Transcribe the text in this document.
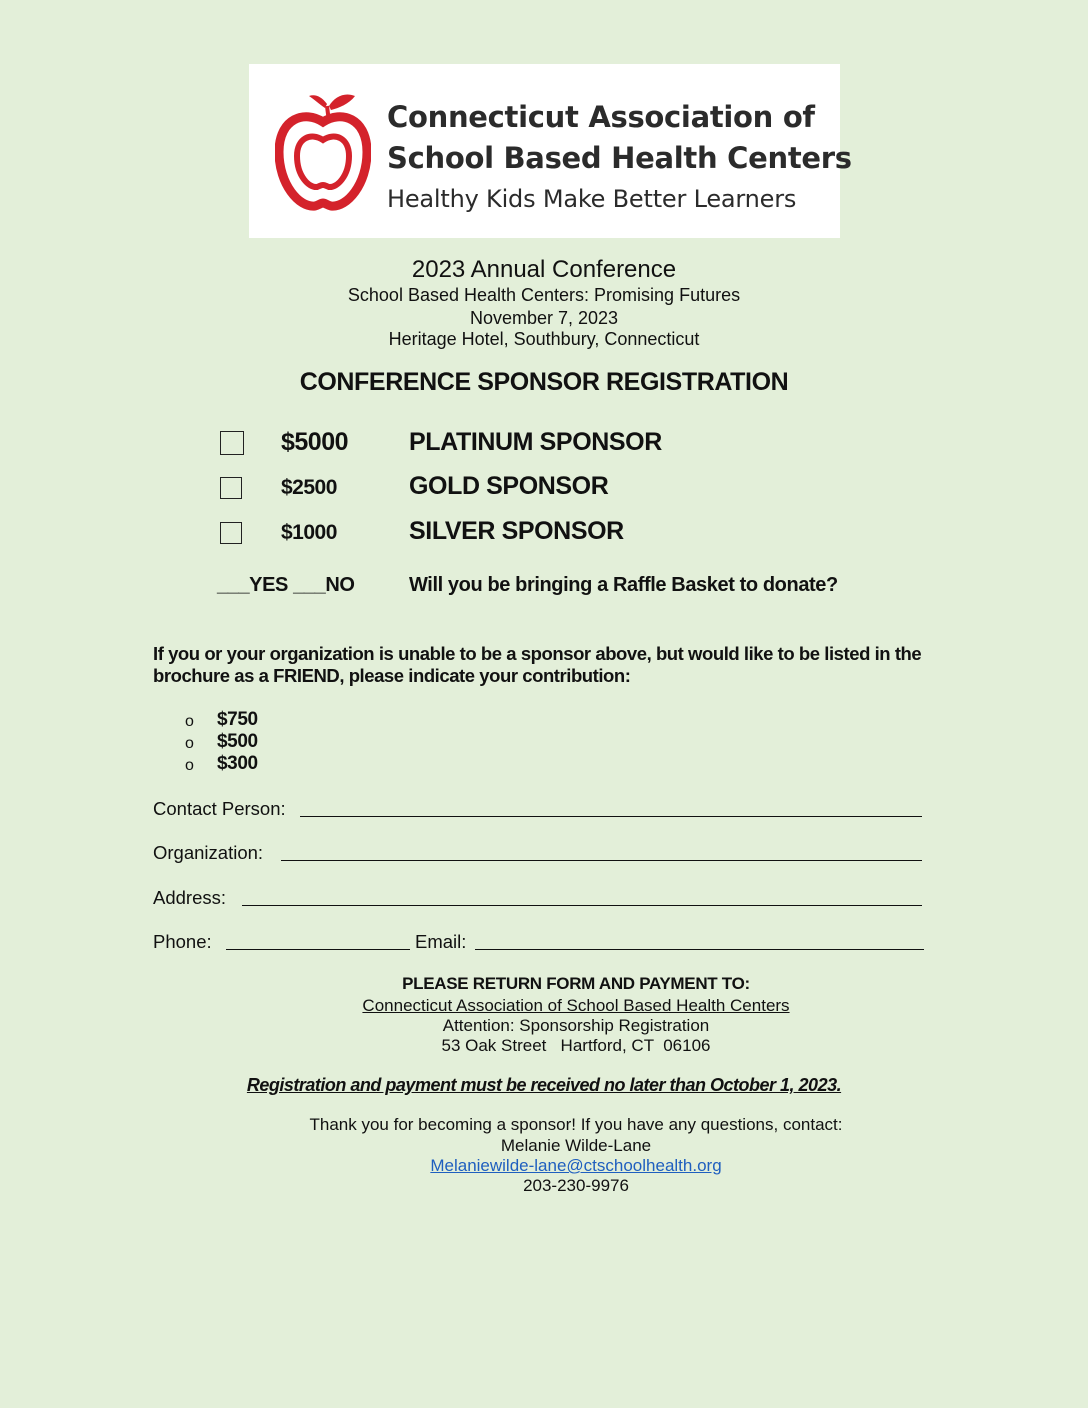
Connecticut Association of
School Based Health Centers
Healthy Kids Make Better Learners
2023 Annual Conference
School Based Health Centers: Promising Futures
November 7, 2023
Heritage Hotel, Southbury, Connecticut
CONFERENCE SPONSOR REGISTRATION
$5000 PLATINUM SPONSOR
$2500	GOLD SPONSOR
$1000	SILVER SPONSOR
___YES ___NO	Will you be bringing a Raffle Basket to donate?
If you or your organization is unable to be a sponsor above, but would like to be listed in the brochure as a FRIEND, please indicate your contribution:
o $750
o $500
o $300
Contact Person:
Organization:
Address:
Phone:	Email:
PLEASE RETURN FORM AND PAYMENT TO:
Connecticut Association of School Based Health Centers
Attention: Sponsorship Registration
53 Oak Street   Hartford, CT  06106
Registration and payment must be received no later than October 1, 2023.
Thank you for becoming a sponsor! If you have any questions, contact:
Melanie Wilde-Lane
Melaniewilde-lane@ctschoolhealth.org
203-230-9976
